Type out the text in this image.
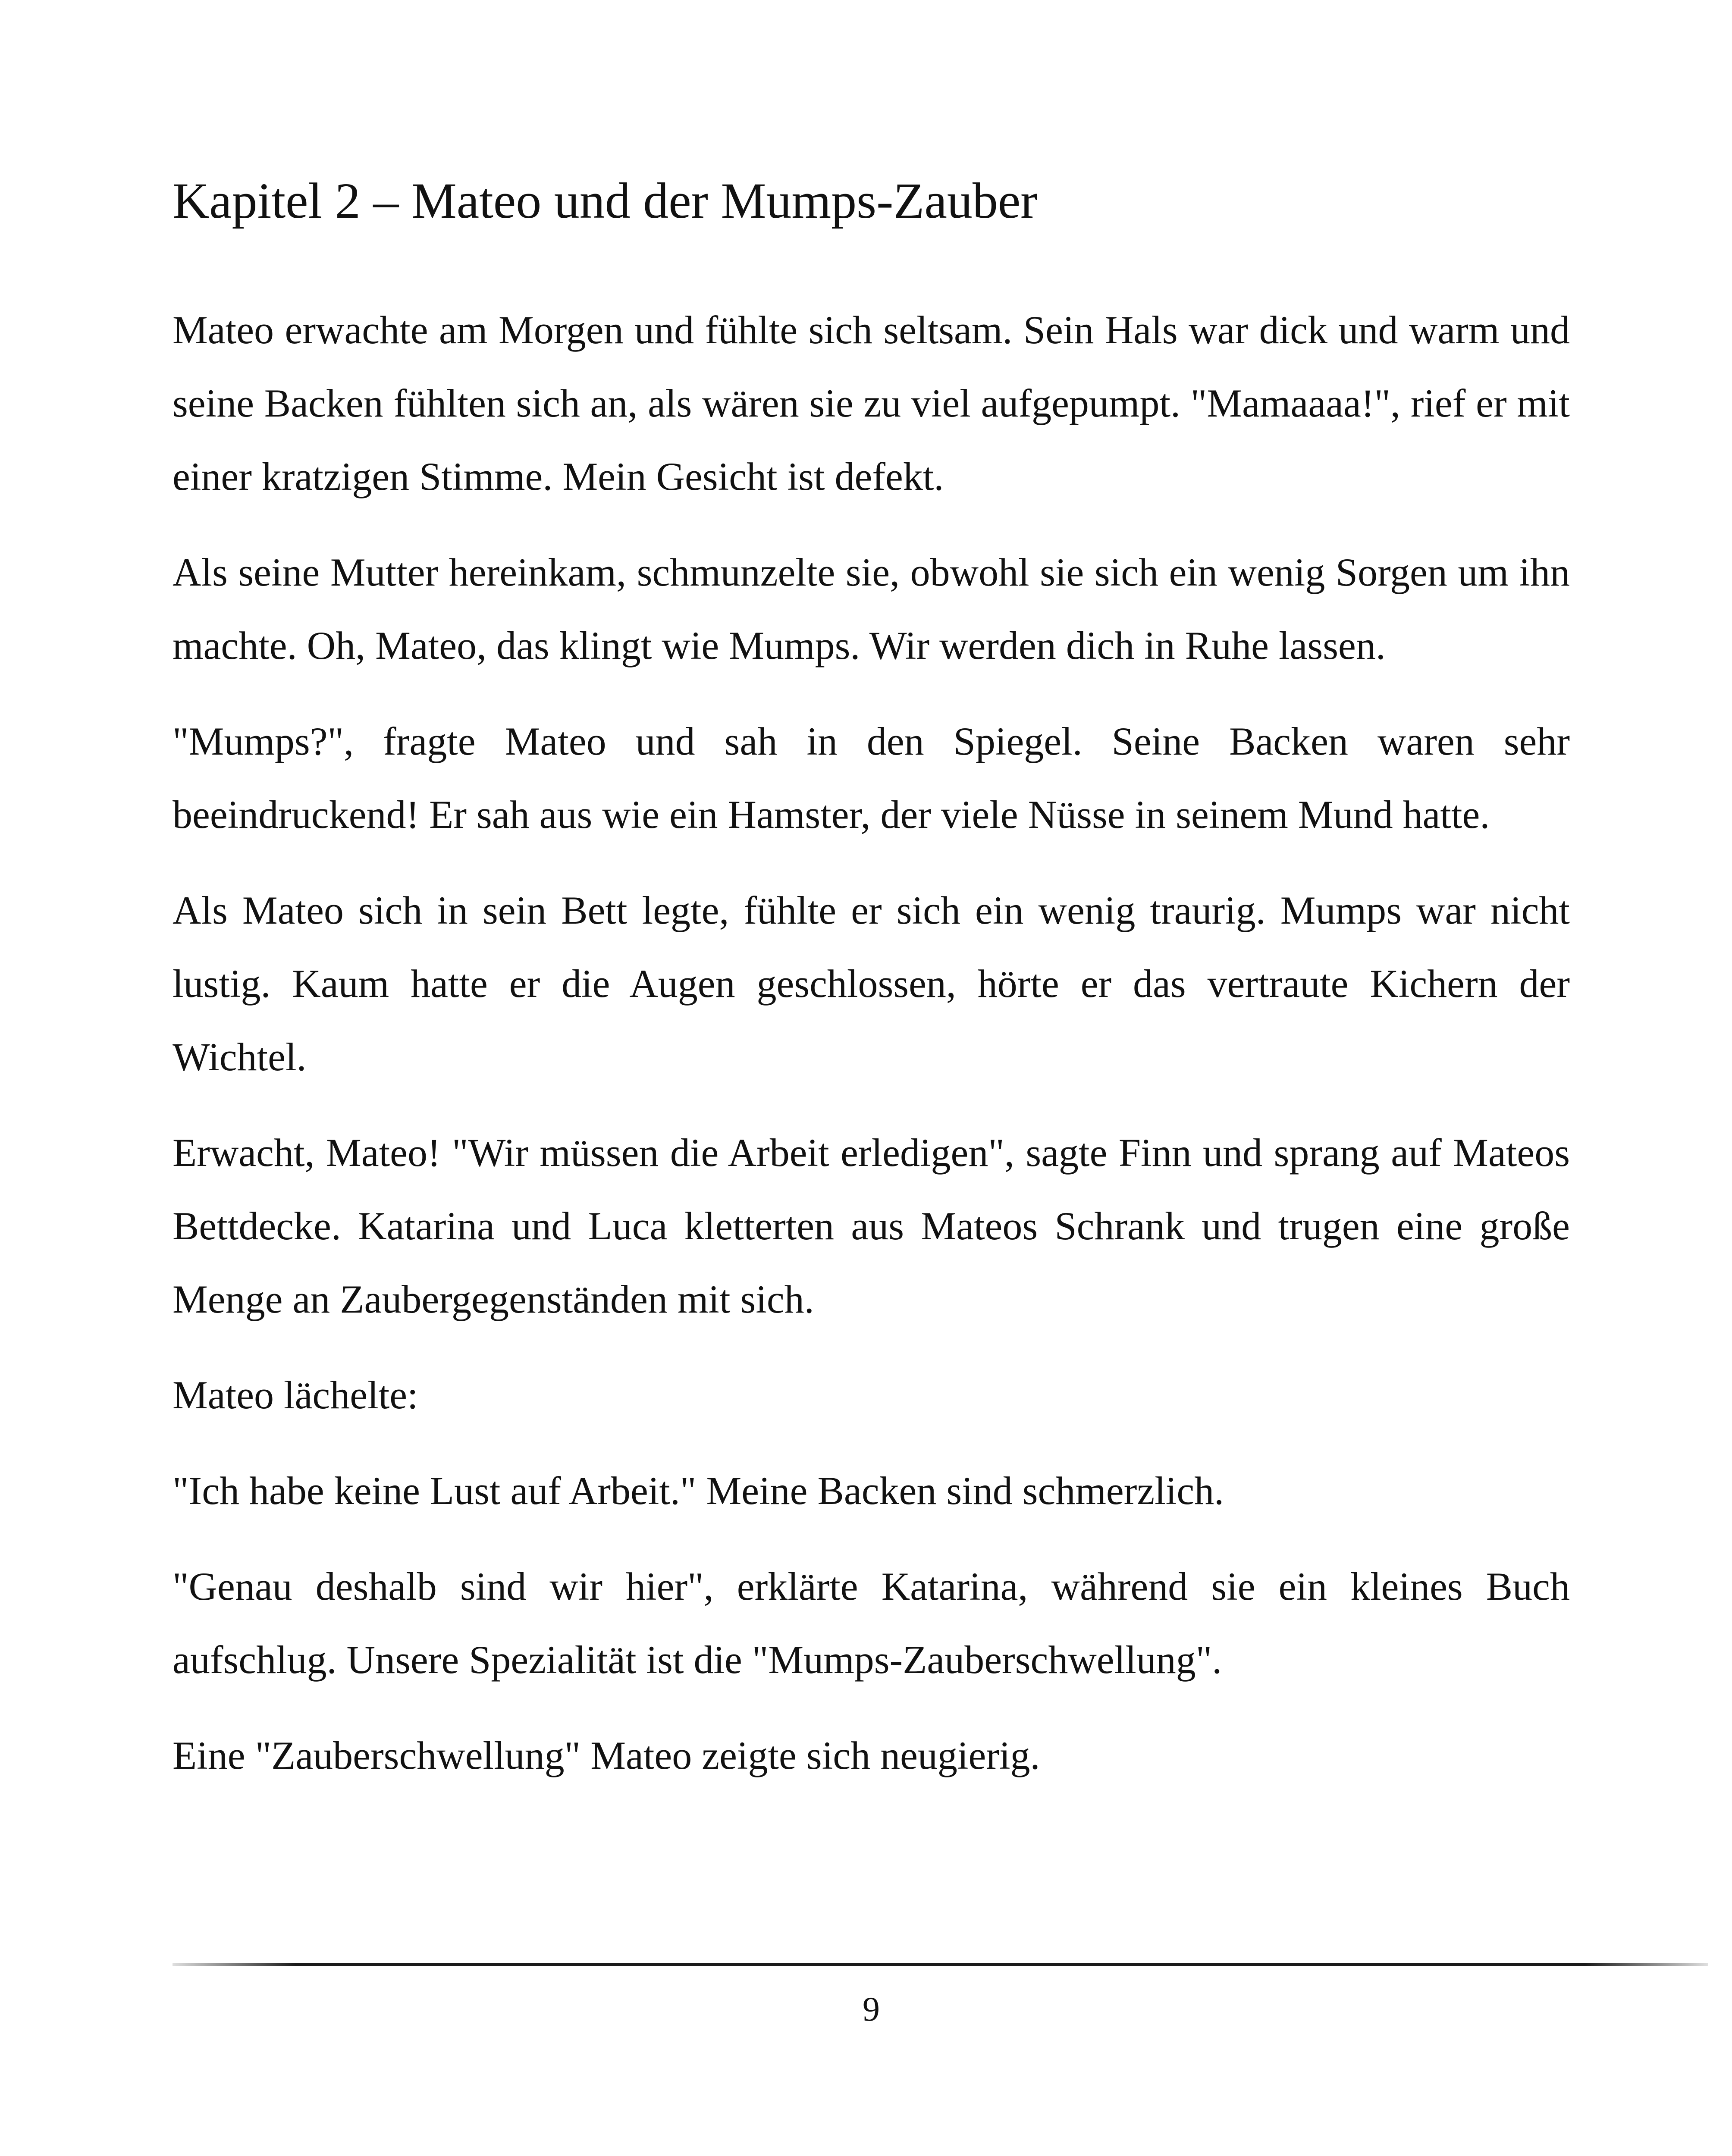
Kapitel 2 – Mateo und der Mumps-Zauber

Mateo erwachte am Morgen und fühlte sich seltsam. Sein Hals war dick und warm und seine Backen fühlten sich an, als wären sie zu viel aufgepumpt. "Mamaaaa!", rief er mit einer kratzigen Stimme. Mein Gesicht ist defekt.

Als seine Mutter hereinkam, schmunzelte sie, obwohl sie sich ein wenig Sorgen um ihn machte. Oh, Mateo, das klingt wie Mumps. Wir werden dich in Ruhe lassen.

"Mumps?", fragte Mateo und sah in den Spiegel. Seine Backen waren sehr beeindruckend! Er sah aus wie ein Hamster, der viele Nüsse in seinem Mund hatte.

Als Mateo sich in sein Bett legte, fühlte er sich ein wenig traurig. Mumps war nicht lustig. Kaum hatte er die Augen geschlossen, hörte er das vertraute Kichern der Wichtel.

Erwacht, Mateo! "Wir müssen die Arbeit erledigen", sagte Finn und sprang auf Mateos Bettdecke. Katarina und Luca kletterten aus Mateos Schrank und trugen eine große Menge an Zaubergegenständen mit sich.

Mateo lächelte:

"Ich habe keine Lust auf Arbeit." Meine Backen sind schmerzlich.

"Genau deshalb sind wir hier", erklärte Katarina, während sie ein kleines Buch aufschlug. Unsere Spezialität ist die "Mumps-Zauberschwellung".

Eine "Zauberschwellung" Mateo zeigte sich neugierig.

9
